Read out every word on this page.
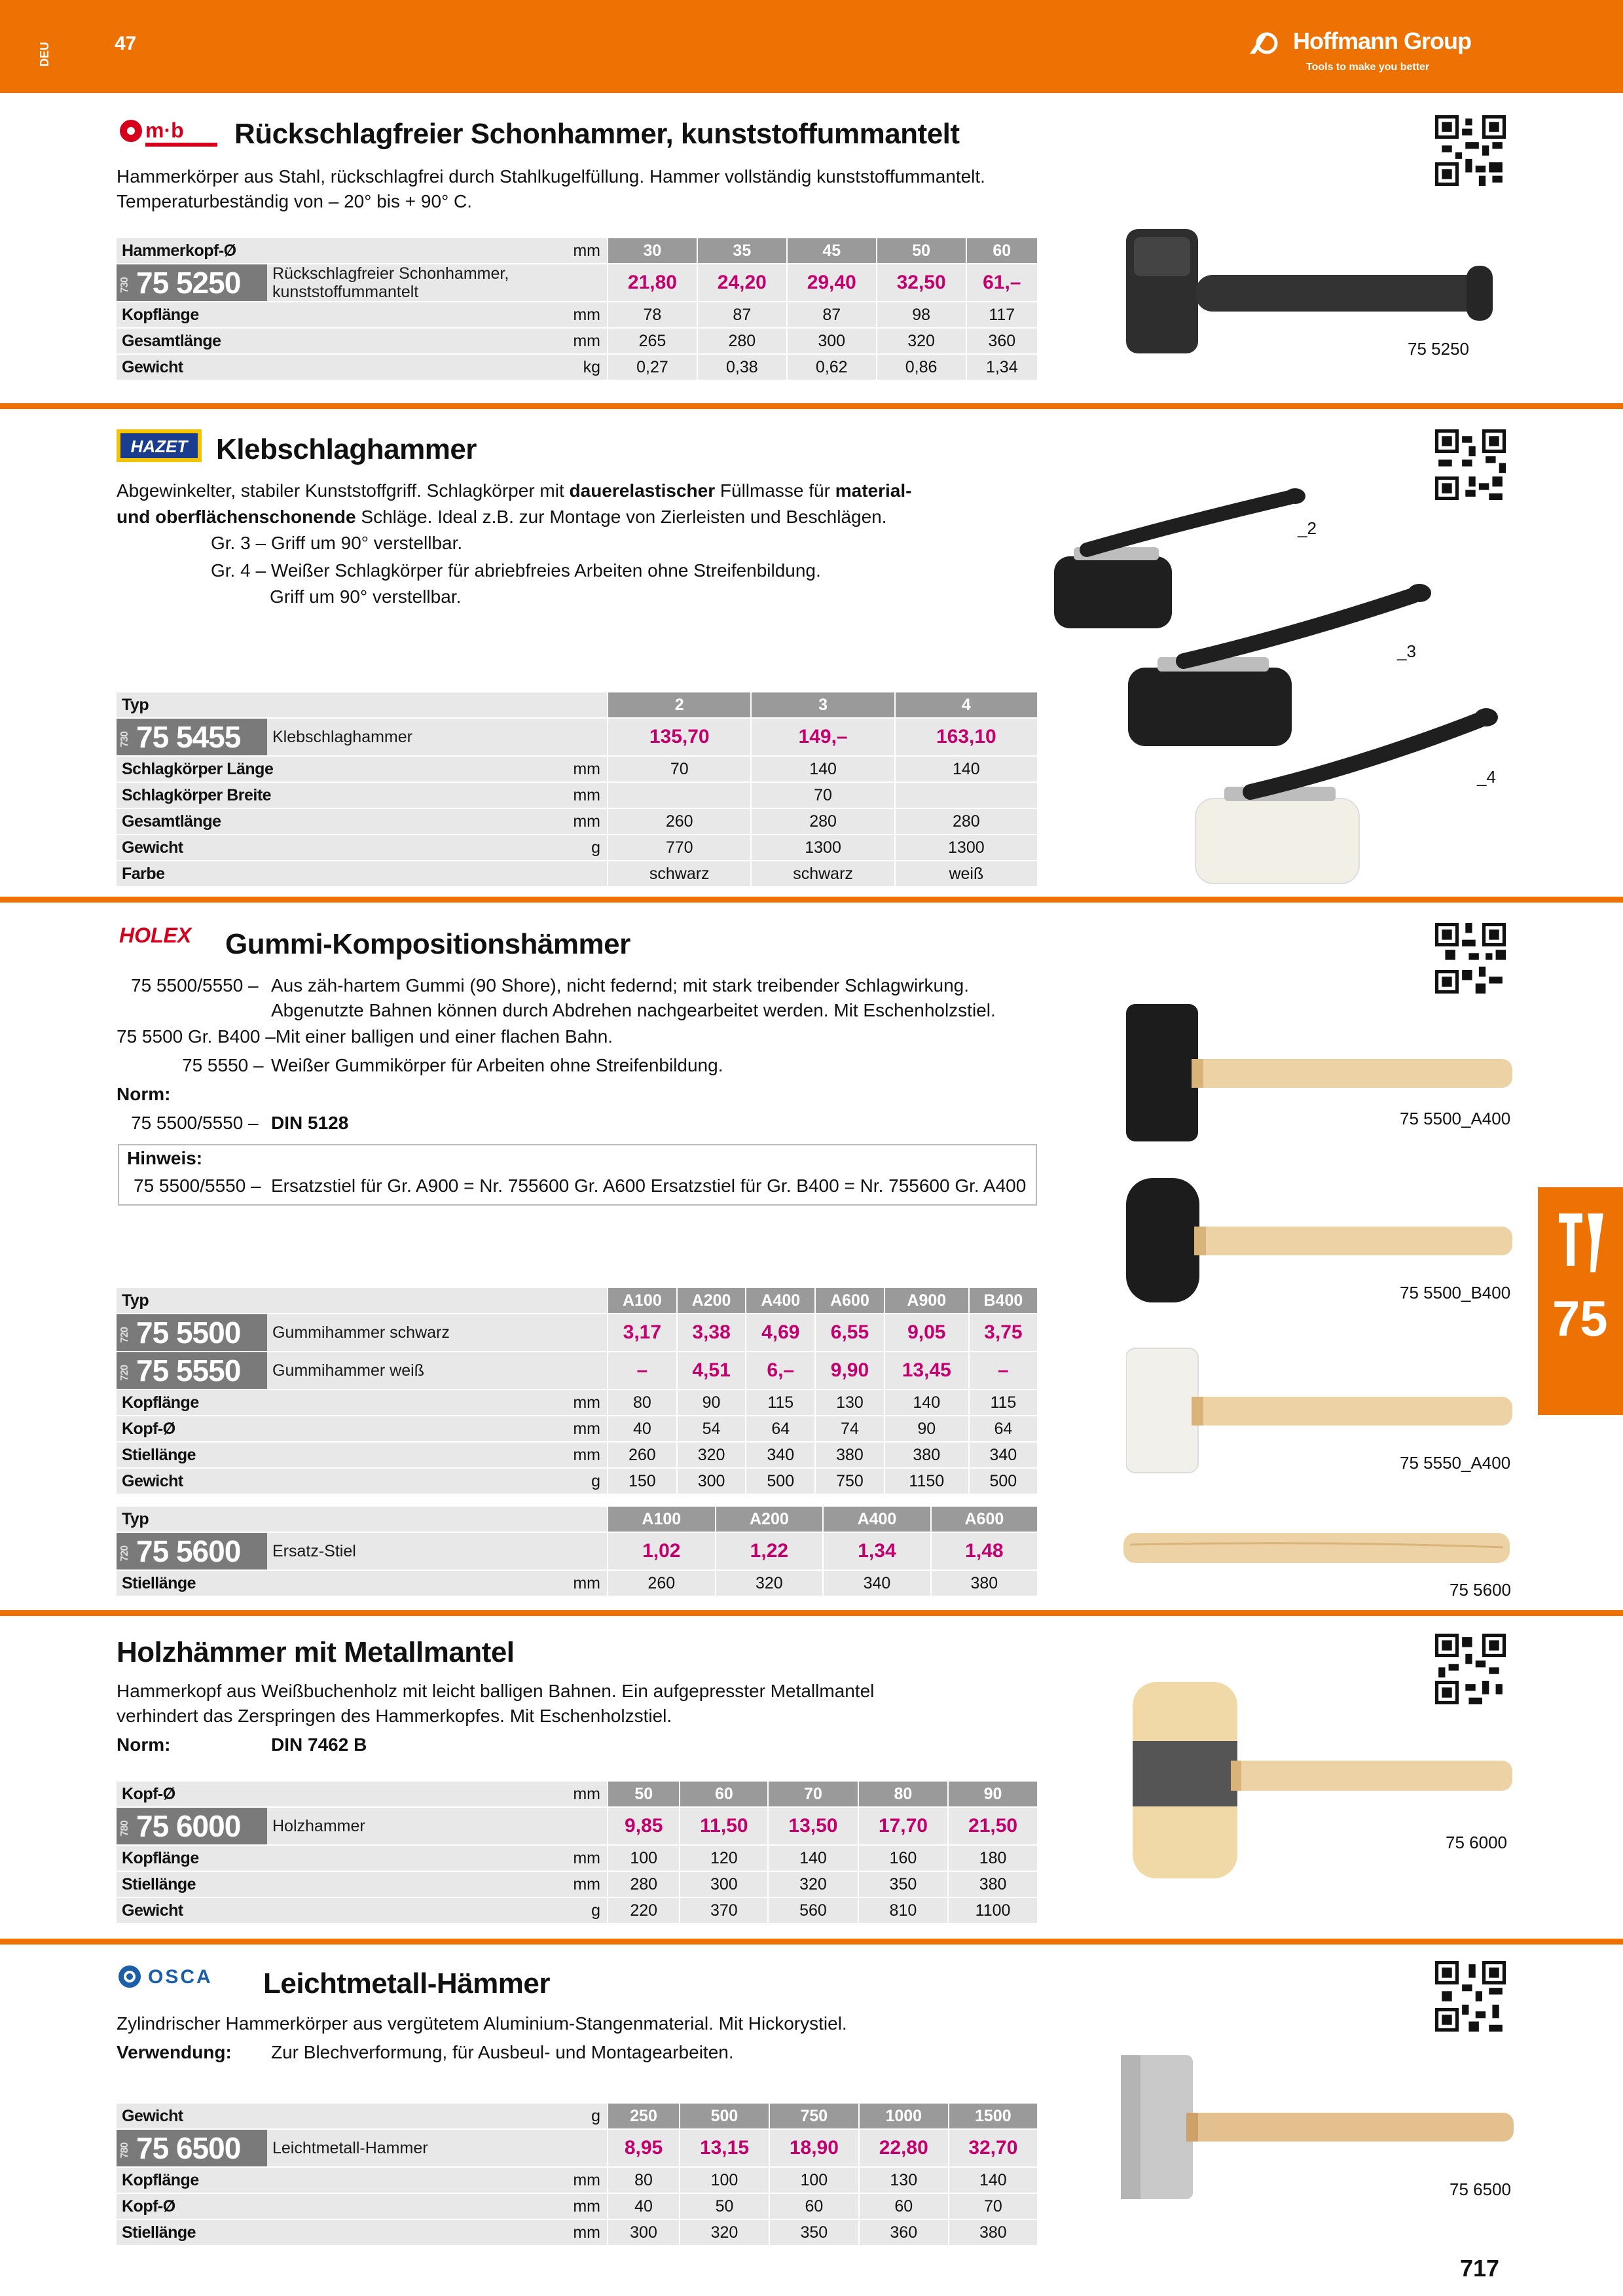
DEU	47	Hoffmann Group
Tools to make you better
m·b Rückschlagfreier Schonhammer, kunststoffummantelt
Hammerkörper aus Stahl, rückschlagfrei durch Stahlkugelfüllung. Hammer vollständig kunststoffummantelt.
Temperaturbeständig von – 20° bis + 90° C.
Hammerkopf-Ø		mm	30	35	45	50	60
730 75 5250	Rückschlagfreier Schonhammer, kunststoffummantelt		21,80	24,20	29,40	32,50	61,–
Kopflänge		mm	78	87	87	98	117
Gesamtlänge		mm	265	280	300	320	360
Gewicht		kg	0,27	0,38	0,62	0,86	1,34
75 5250
HAZET Klebschlaghammer
Abgewinkelter, stabiler Kunststoffgriff. Schlagkörper mit dauerelastischer Füllmasse für material-
und oberflächenschonende Schläge. Ideal z.B. zur Montage von Zierleisten und Beschlägen.
Gr. 3 – Griff um 90° verstellbar.
Gr. 4 – Weißer Schlagkörper für abriebfreies Arbeiten ohne Streifenbildung.
Griff um 90° verstellbar.
Typ			2	3	4
730 75 5455	Klebschlaghammer		135,70	149,–	163,10
Schlagkörper Länge		mm	70	140	140
Schlagkörper Breite		mm		70	
Gesamtlänge		mm	260	280	280
Gewicht		g	770	1300	1300
Farbe			schwarz	schwarz	weiß
_2
_3
_4
HOLEX Gummi-Kompositionshämmer
75 5500/5550 – Aus zäh-hartem Gummi (90 Shore), nicht federnd; mit stark treibender Schlagwirkung.
Abgenutzte Bahnen können durch Abdrehen nachgearbeitet werden. Mit Eschenholzstiel.
75 5500 Gr. B400 –Mit einer balligen und einer flachen Bahn.
75 5550 – Weißer Gummikörper für Arbeiten ohne Streifenbildung.
Norm:
75 5500/5550 – DIN 5128
Hinweis:
75 5500/5550 – Ersatzstiel für Gr. A900 = Nr. 755600 Gr. A600 Ersatzstiel für Gr. B400 = Nr. 755600 Gr. A400
Typ			A100	A200	A400	A600	A900	B400
720 75 5500	Gummihammer schwarz		3,17	3,38	4,69	6,55	9,05	3,75
720 75 5550	Gummihammer weiß		–	4,51	6,–	9,90	13,45	–
Kopflänge		mm	80	90	115	130	140	115
Kopf-Ø		mm	40	54	64	74	90	64
Stiellänge		mm	260	320	340	380	380	340
Gewicht		g	150	300	500	750	1150	500
Typ			A100	A200	A400	A600
720 75 5600	Ersatz-Stiel		1,02	1,22	1,34	1,48
Stiellänge		mm	260	320	340	380
75 5500_A400
75 5500_B400
75 5550_A400
75 5600
Holzhämmer mit Metallmantel
Hammerkopf aus Weißbuchenholz mit leicht balligen Bahnen. Ein aufgepresster Metallmantel
verhindert das Zerspringen des Hammerkopfes. Mit Eschenholzstiel.
Norm:	DIN 7462 B
Kopf-Ø		mm	50	60	70	80	90
780 75 6000	Holzhammer		9,85	11,50	13,50	17,70	21,50
Kopflänge		mm	100	120	140	160	180
Stiellänge		mm	280	300	320	350	380
Gewicht		g	220	370	560	810	1100
75 6000
OSCA Leichtmetall-Hämmer
Zylindrischer Hammerkörper aus vergütetem Aluminium-Stangenmaterial. Mit Hickorystiel.
Verwendung: Zur Blechverformung, für Ausbeul- und Montagearbeiten.
Gewicht		g	250	500	750	1000	1500
780 75 6500	Leichtmetall-Hammer		8,95	13,15	18,90	22,80	32,70
Kopflänge		mm	80	100	100	130	140
Kopf-Ø		mm	40	50	60	60	70
Stiellänge		mm	300	320	350	360	380
75 6500
75
717
